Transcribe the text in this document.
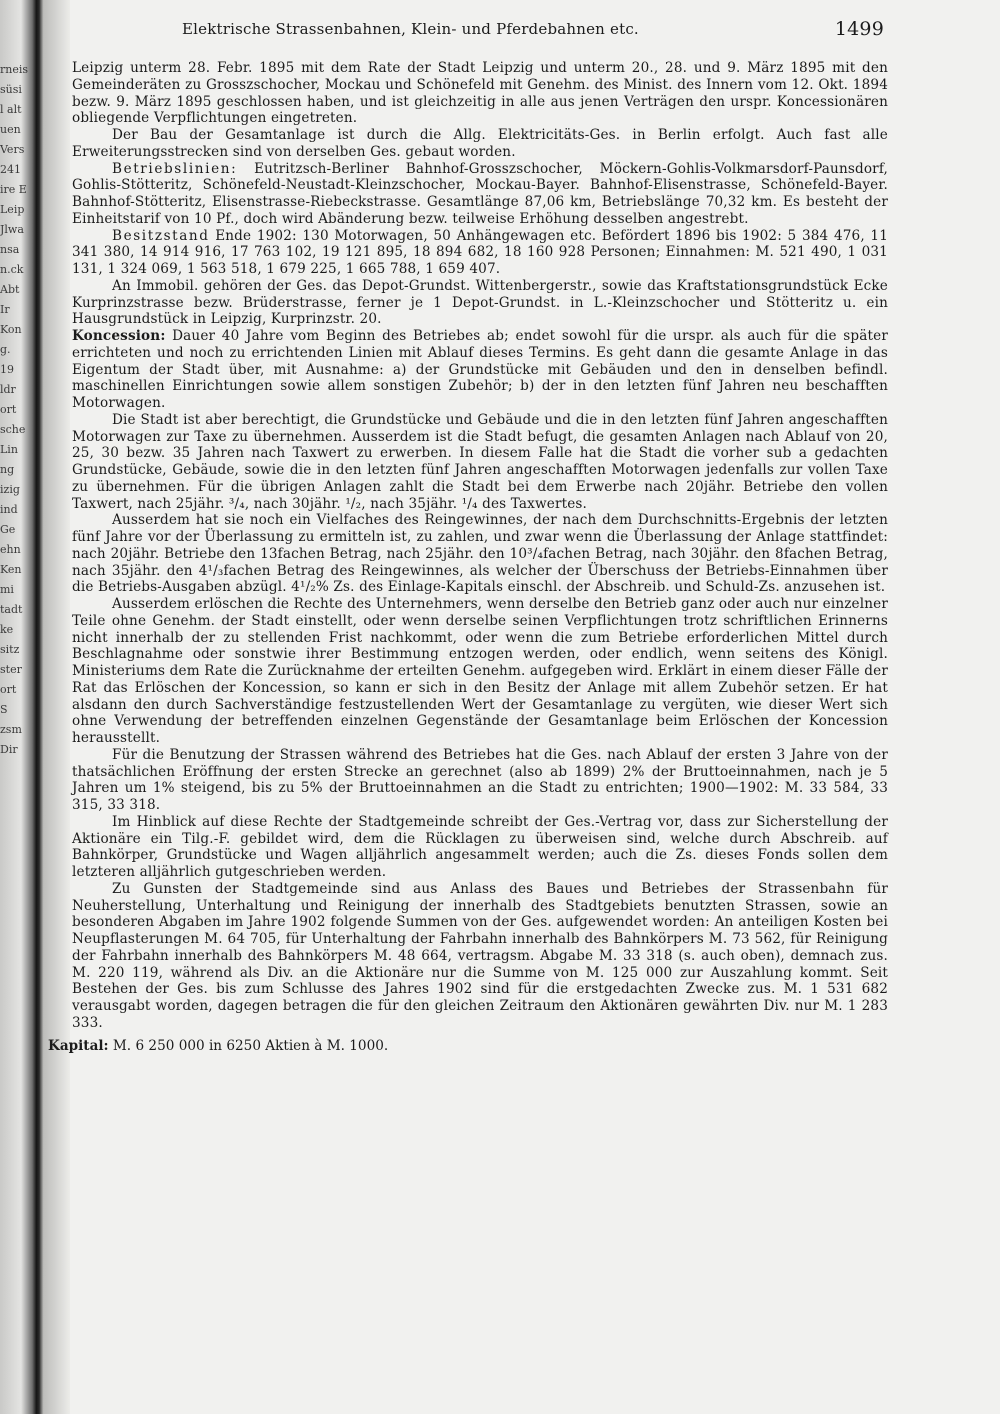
rneis
süsi
l alt
uen
Vers
241
ire E
Leip
Jlwa
nsa
n.ck
Abt
Ir
Kon
g.
19
ldr
ort
sche
Lin
ng
izig
ind
Ge
ehn
Ken
mi
tadt
ke
sitz
ster
ort
S
zsm
Dir
Elektrische Strassenbahnen, Klein- und Pferdebahnen etc.	1499

Leipzig unterm 28. Febr. 1895 mit dem Rate der Stadt Leipzig und unterm 20., 28. und 9. März 1895 mit den Gemeinderäten zu Grosszschocher, Mockau und Schönefeld mit Genehm. des Minist. des Innern vom 12. Okt. 1894 bezw. 9. März 1895 geschlossen haben, und ist gleichzeitig in alle aus jenen Verträgen den urspr. Koncessionären obliegende Verpflichtungen eingetreten.

Der Bau der Gesamtanlage ist durch die Allg. Elektricitäts-Ges. in Berlin erfolgt. Auch fast alle Erweiterungsstrecken sind von derselben Ges. gebaut worden.

Betriebslinien: Eutritzsch-Berliner Bahnhof-Grosszschocher, Möckern-Gohlis-Volkmarsdorf-Paunsdorf, Gohlis-Stötteritz, Schönefeld-Neustadt-Kleinzschocher, Mockau-Bayer. Bahnhof-Elisenstrasse, Schönefeld-Bayer. Bahnhof-Stötteritz, Elisenstrasse-Riebeckstrasse. Gesamtlänge 87,06 km, Betriebslänge 70,32 km. Es besteht der Einheitstarif von 10 Pf., doch wird Abänderung bezw. teilweise Erhöhung desselben angestrebt.

Besitzstand Ende 1902: 130 Motorwagen, 50 Anhängewagen etc. Befördert 1896 bis 1902: 5 384 476, 11 341 380, 14 914 916, 17 763 102, 19 121 895, 18 894 682, 18 160 928 Personen; Einnahmen: M. 521 490, 1 031 131, 1 324 069, 1 563 518, 1 679 225, 1 665 788, 1 659 407.

An Immobil. gehören der Ges. das Depot-Grundst. Wittenbergerstr., sowie das Kraftstationsgrundstück Ecke Kurprinzstrasse bezw. Brüderstrasse, ferner je 1 Depot-Grundst. in L.-Kleinzschocher und Stötteritz u. ein Hausgrundstück in Leipzig, Kurprinzstr. 20.

Koncession: Dauer 40 Jahre vom Beginn des Betriebes ab; endet sowohl für die urspr. als auch für die später errichteten und noch zu errichtenden Linien mit Ablauf dieses Termins. Es geht dann die gesamte Anlage in das Eigentum der Stadt über, mit Ausnahme: a) der Grundstücke mit Gebäuden und den in denselben befindl. maschinellen Einrichtungen sowie allem sonstigen Zubehör; b) der in den letzten fünf Jahren neu beschafften Motorwagen.

Die Stadt ist aber berechtigt, die Grundstücke und Gebäude und die in den letzten fünf Jahren angeschafften Motorwagen zur Taxe zu übernehmen. Ausserdem ist die Stadt befugt, die gesamten Anlagen nach Ablauf von 20, 25, 30 bezw. 35 Jahren nach Taxwert zu erwerben. In diesem Falle hat die Stadt die vorher sub a gedachten Grundstücke, Gebäude, sowie die in den letzten fünf Jahren angeschafften Motorwagen jedenfalls zur vollen Taxe zu übernehmen. Für die übrigen Anlagen zahlt die Stadt bei dem Erwerbe nach 20jähr. Betriebe den vollen Taxwert, nach 25jähr. ³/₄, nach 30jähr. ¹/₂, nach 35jähr. ¹/₄ des Taxwertes.

Ausserdem hat sie noch ein Vielfaches des Reingewinnes, der nach dem Durchschnitts-Ergebnis der letzten fünf Jahre vor der Überlassung zu ermitteln ist, zu zahlen, und zwar wenn die Überlassung der Anlage stattfindet: nach 20jähr. Betriebe den 13fachen Betrag, nach 25jähr. den 10³/₄fachen Betrag, nach 30jähr. den 8fachen Betrag, nach 35jähr. den 4¹/₃fachen Betrag des Reingewinnes, als welcher der Überschuss der Betriebs-Einnahmen über die Betriebs-Ausgaben abzügl. 4¹/₂% Zs. des Einlage-Kapitals einschl. der Abschreib. und Schuld-Zs. anzusehen ist.

Ausserdem erlöschen die Rechte des Unternehmers, wenn derselbe den Betrieb ganz oder auch nur einzelner Teile ohne Genehm. der Stadt einstellt, oder wenn derselbe seinen Verpflichtungen trotz schriftlichen Erinnerns nicht innerhalb der zu stellenden Frist nachkommt, oder wenn die zum Betriebe erforderlichen Mittel durch Beschlagnahme oder sonstwie ihrer Bestimmung entzogen werden, oder endlich, wenn seitens des Königl. Ministeriums dem Rate die Zurücknahme der erteilten Genehm. aufgegeben wird. Erklärt in einem dieser Fälle der Rat das Erlöschen der Koncession, so kann er sich in den Besitz der Anlage mit allem Zubehör setzen. Er hat alsdann den durch Sachverständige festzustellenden Wert der Gesamtanlage zu vergüten, wie dieser Wert sich ohne Verwendung der betreffenden einzelnen Gegenstände der Gesamtanlage beim Erlöschen der Koncession herausstellt.

Für die Benutzung der Strassen während des Betriebes hat die Ges. nach Ablauf der ersten 3 Jahre von der thatsächlichen Eröffnung der ersten Strecke an gerechnet (also ab 1899) 2% der Bruttoeinnahmen, nach je 5 Jahren um 1% steigend, bis zu 5% der Bruttoeinnahmen an die Stadt zu entrichten; 1900—1902: M. 33 584, 33 315, 33 318.

Im Hinblick auf diese Rechte der Stadtgemeinde schreibt der Ges.-Vertrag vor, dass zur Sicherstellung der Aktionäre ein Tilg.-F. gebildet wird, dem die Rücklagen zu überweisen sind, welche durch Abschreib. auf Bahnkörper, Grundstücke und Wagen alljährlich angesammelt werden; auch die Zs. dieses Fonds sollen dem letzteren alljährlich gutgeschrieben werden.

Zu Gunsten der Stadtgemeinde sind aus Anlass des Baues und Betriebes der Strassenbahn für Neuherstellung, Unterhaltung und Reinigung der innerhalb des Stadtgebiets benutzten Strassen, sowie an besonderen Abgaben im Jahre 1902 folgende Summen von der Ges. aufgewendet worden: An anteiligen Kosten bei Neupflasterungen M. 64 705, für Unterhaltung der Fahrbahn innerhalb des Bahnkörpers M. 73 562, für Reinigung der Fahrbahn innerhalb des Bahnkörpers M. 48 664, vertragsm. Abgabe M. 33 318 (s. auch oben), demnach zus. M. 220 119, während als Div. an die Aktionäre nur die Summe von M. 125 000 zur Auszahlung kommt. Seit Bestehen der Ges. bis zum Schlusse des Jahres 1902 sind für die erstgedachten Zwecke zus. M. 1 531 682 verausgabt worden, dagegen betragen die für den gleichen Zeitraum den Aktionären gewährten Div. nur M. 1 283 333.

Kapital: M. 6 250 000 in 6250 Aktien à M. 1000.
